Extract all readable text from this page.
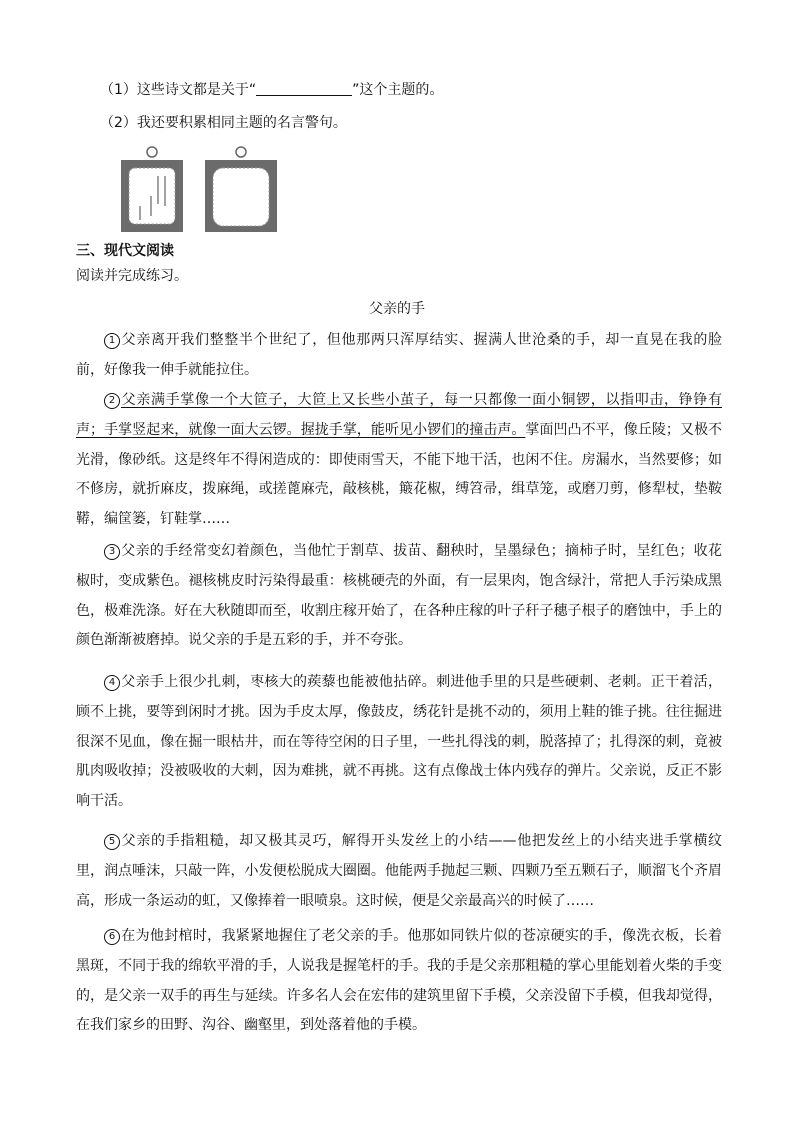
（1）这些诗文都是关于“	”这个主题的。
（2）我还要积累相同主题的名言警句。
三、现代文阅读
阅读并完成练习。
父亲的手
1 父亲离开我们整整半个世纪了，但他那两只浑厚结实、握满人世沧桑的手，却一直晃在我的脸前，好像我一伸手就能拉住。
2 父亲满手掌像一个大笸子，大笸上又长些小茧子，每一只都像一面小铜锣，以指叩击，铮铮有声；手掌竖起来，就像一面大云锣。握拢手掌，能听见小锣们的撞击声。掌面凹凸不平，像丘陵；又极不光滑，像砂纸。这是终年不得闲造成的：即使雨雪天，不能下地干活，也闲不住。房漏水，当然要修；如不修房，就折麻皮，拨麻绳，或搓蓖麻壳，敲核桃，簸花椒，缚笤帚，缉草笼，或磨刀剪，修犁杖，垫鞍鞯，编筐篓，钉鞋掌……
3 父亲的手经常变幻着颜色，当他忙于割草、拔苗、翻秧时，呈墨绿色；摘柿子时，呈红色；收花椒时，变成紫色。褪核桃皮时污染得最重：核桃硬壳的外面，有一层果肉，饱含绿汁，常把人手污染成黑色，极难洗涤。好在大秋随即而至，收割庄稼开始了，在各种庄稼的叶子秆子穗子根子的磨蚀中，手上的颜色渐渐被磨掉。说父亲的手是五彩的手，并不夸张。
4 父亲手上很少扎刺，枣核大的蒺藜也能被他拈碎。刺进他手里的只是些硬刺、老刺。正干着活，顾不上挑，要等到闲时才挑。因为手皮太厚，像鼓皮，绣花针是挑不动的，须用上鞋的锥子挑。往往掘进很深不见血，像在掘一眼枯井，而在等待空闲的日子里，一些扎得浅的刺，脱落掉了；扎得深的刺，竟被肌肉吸收掉；没被吸收的大刺，因为难挑，就不再挑。这有点像战士体内残存的弹片。父亲说，反正不影响干活。
5 父亲的手指粗糙，却又极其灵巧，解得开头发丝上的小结——他把发丝上的小结夹进手掌横纹里，润点唾沫，只敲一阵，小发便松脱成大圈圈。他能两手抛起三颗、四颗乃至五颗石子，顺溜飞个齐眉高，形成一条运动的虹，又像捧着一眼喷泉。这时候，便是父亲最高兴的时候了……
6 在为他封棺时，我紧紧地握住了老父亲的手。他那如同铁片似的苍凉硬实的手，像洗衣板，长着黑斑，不同于我的绵软平滑的手，人说我是握笔杆的手。我的手是父亲那粗糙的掌心里能划着火柴的手变的，是父亲一双手的再生与延续。许多名人会在宏伟的建筑里留下手模，父亲没留下手模，但我却觉得，在我们家乡的田野、沟谷、幽壑里，到处落着他的手模。
